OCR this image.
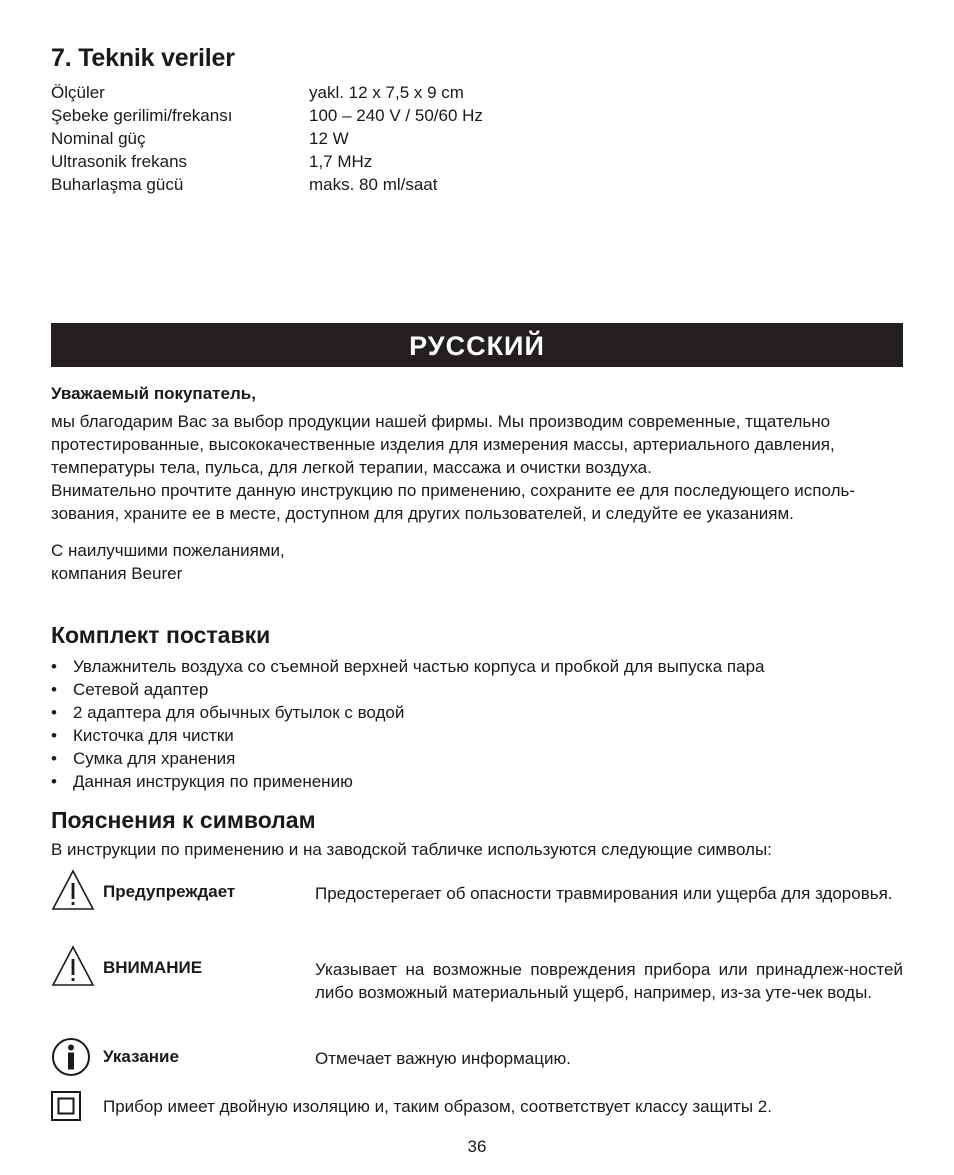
7. Teknik veriler
Ölçüler	yakl. 12 x 7,5 x 9 cm
Şebeke gerilimi/frekansı	100 – 240 V / 50/60 Hz
Nominal güç	12 W
Ultrasonik frekans	1,7 MHz
Buharlaşma gücü	maks. 80 ml/saat
РУССКИЙ
Уважаемый покупатель,
мы благодарим Вас за выбор продукции нашей фирмы. Мы производим современные, тщательно
протестированные, высококачественные изделия для измерения массы, артериального давления,
температуры тела, пульса, для легкой терапии, массажа и очистки воздуха.
Внимательно прочтите данную инструкцию по применению, сохраните ее для последующего исполь-
зования, храните ее в месте, доступном для других пользователей, и следуйте ее указаниям.
С наилучшими пожеланиями,
компания Beurer
Комплект поставки
• Увлажнитель воздуха со съемной верхней частью корпуса и пробкой для выпуска пара
• Сетевой адаптер
• 2 адаптера для обычных бутылок с водой
• Кисточка для чистки
• Сумка для хранения
• Данная инструкция по применению
Пояснения к символам
В инструкции по применению и на заводской табличке используются следующие символы:
Предупреждает	Предостерегает об опасности травмирования или ущерба для здоровья.
ВНИМАНИЕ	Указывает на возможные повреждения прибора или принадлеж-ностей либо возможный материальный ущерб, например, из-за уте-чек воды.
Указание	Отмечает важную информацию.
Прибор имеет двойную изоляцию и, таким образом, соответствует классу защиты 2.
36
